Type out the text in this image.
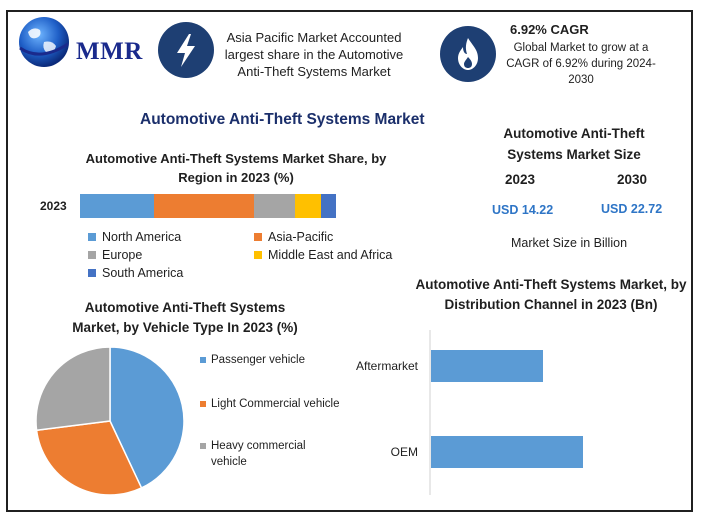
MMR
Asia Pacific Market Accounted largest share in the Automotive Anti-Theft Systems Market
6.92% CAGR
Global Market to grow at a CAGR of 6.92% during 2024-2030
Automotive Anti-Theft Systems Market
Automotive Anti-Theft Systems Market Share, by Region in 2023 (%)
2023
North America	Asia-Pacific
Europe	Middle East and Africa
South America
Automotive Anti-Theft Systems Market Size
2023	2030
USD 14.22	USD 22.72
Market Size in Billion
Automotive Anti-Theft Systems Market, by Vehicle Type In 2023 (%)
Passenger vehicle
Light Commercial vehicle
Heavy commercial vehicle
Automotive Anti-Theft Systems Market, by Distribution Channel in 2023 (Bn)
Aftermarket
OEM
